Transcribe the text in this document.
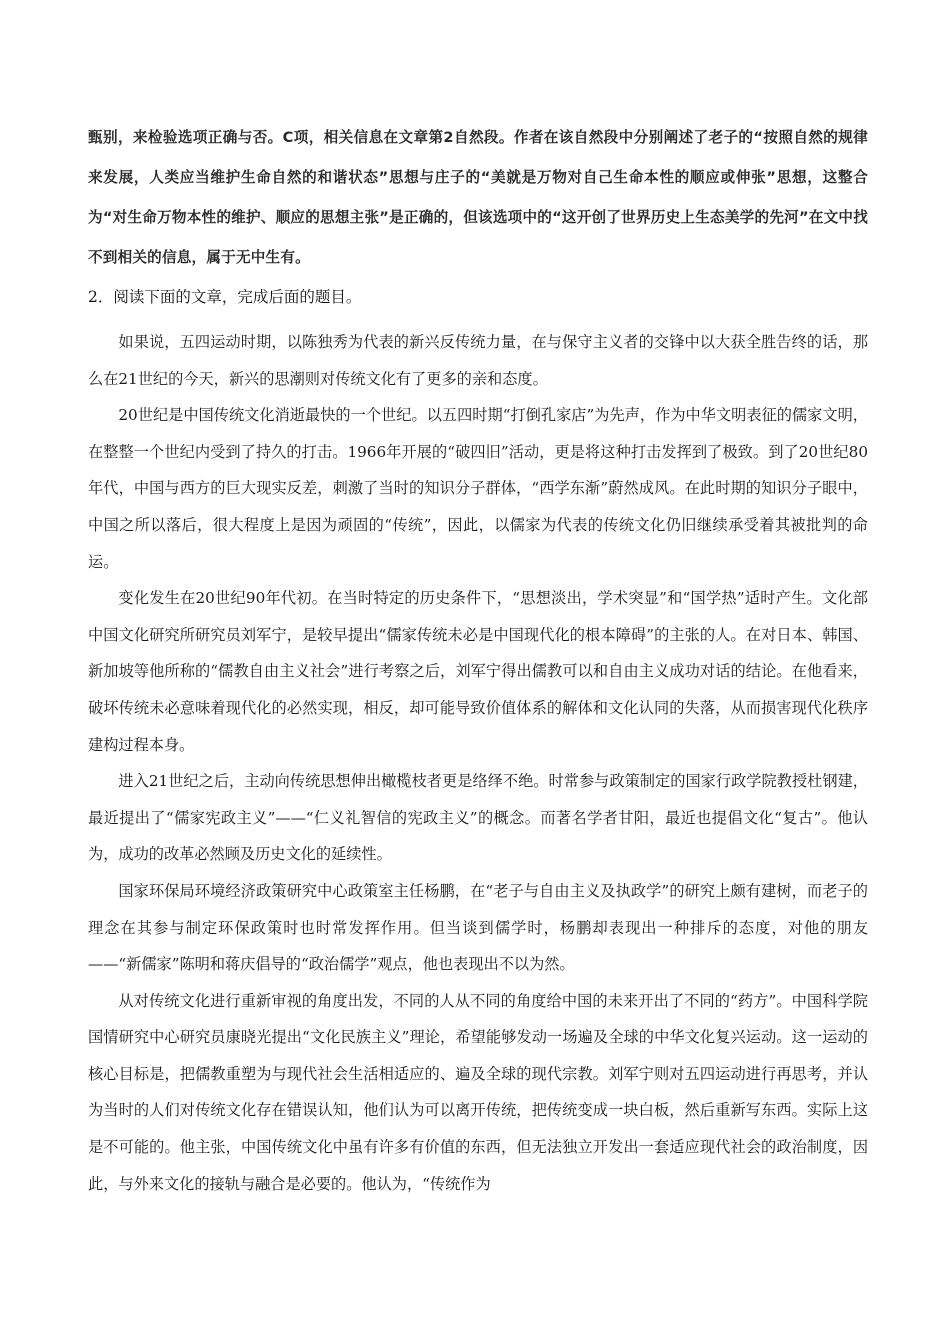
甄别，来检验选项正确与否。C项，相关信息在文章第2自然段。作者在该自然段中分别阐述了老子的“按照自然的规律来发展，人类应当维护生命自然的和谐状态”思想与庄子的“美就是万物对自己生命本性的顺应或伸张”思想，这整合为“对生命万物本性的维护、顺应的思想主张”是正确的，但该选项中的“这开创了世界历史上生态美学的先河”在文中找不到相关的信息，属于无中生有。
2．阅读下面的文章，完成后面的题目。

如果说，五四运动时期，以陈独秀为代表的新兴反传统力量，在与保守主义者的交锋中以大获全胜告终的话，那么在21世纪的今天，新兴的思潮则对传统文化有了更多的亲和态度。

20世纪是中国传统文化消逝最快的一个世纪。以五四时期“打倒孔家店”为先声，作为中华文明表征的儒家文明，在整整一个世纪内受到了持久的打击。1966年开展的“破四旧”活动，更是将这种打击发挥到了极致。到了20世纪80年代，中国与西方的巨大现实反差，刺激了当时的知识分子群体，“西学东渐”蔚然成风。在此时期的知识分子眼中，中国之所以落后，很大程度上是因为顽固的“传统”，因此，以儒家为代表的传统文化仍旧继续承受着其被批判的命运。

变化发生在20世纪90年代初。在当时特定的历史条件下，“思想淡出，学术突显”和“国学热”适时产生。文化部中国文化研究所研究员刘军宁，是较早提出“儒家传统未必是中国现代化的根本障碍”的主张的人。在对日本、韩国、新加坡等他所称的“儒教自由主义社会”进行考察之后，刘军宁得出儒教可以和自由主义成功对话的结论。在他看来，破坏传统未必意味着现代化的必然实现，相反，却可能导致价值体系的解体和文化认同的失落，从而损害现代化秩序建构过程本身。

进入21世纪之后，主动向传统思想伸出橄榄枝者更是络绎不绝。时常参与政策制定的国家行政学院教授杜钢建，最近提出了“儒家宪政主义”——“仁义礼智信的宪政主义”的概念。而著名学者甘阳，最近也提倡文化“复古”。他认为，成功的改革必然顾及历史文化的延续性。

国家环保局环境经济政策研究中心政策室主任杨鹏，在“老子与自由主义及执政学”的研究上颇有建树，而老子的理念在其参与制定环保政策时也时常发挥作用。但当谈到儒学时，杨鹏却表现出一种排斥的态度，对他的朋友——“新儒家”陈明和蒋庆倡导的“政治儒学”观点，他也表现出不以为然。

从对传统文化进行重新审视的角度出发，不同的人从不同的角度给中国的未来开出了不同的“药方”。中国科学院国情研究中心研究员康晓光提出“文化民族主义”理论，希望能够发动一场遍及全球的中华文化复兴运动。这一运动的核心目标是，把儒教重塑为与现代社会生活相适应的、遍及全球的现代宗教。刘军宁则对五四运动进行再思考，并认为当时的人们对传统文化存在错误认知，他们认为可以离开传统，把传统变成一块白板，然后重新写东西。实际上这是不可能的。他主张，中国传统文化中虽有许多有价值的东西，但无法独立开发出一套适应现代社会的政治制度，因此，与外来文化的接轨与融合是必要的。他认为，“传统作为
